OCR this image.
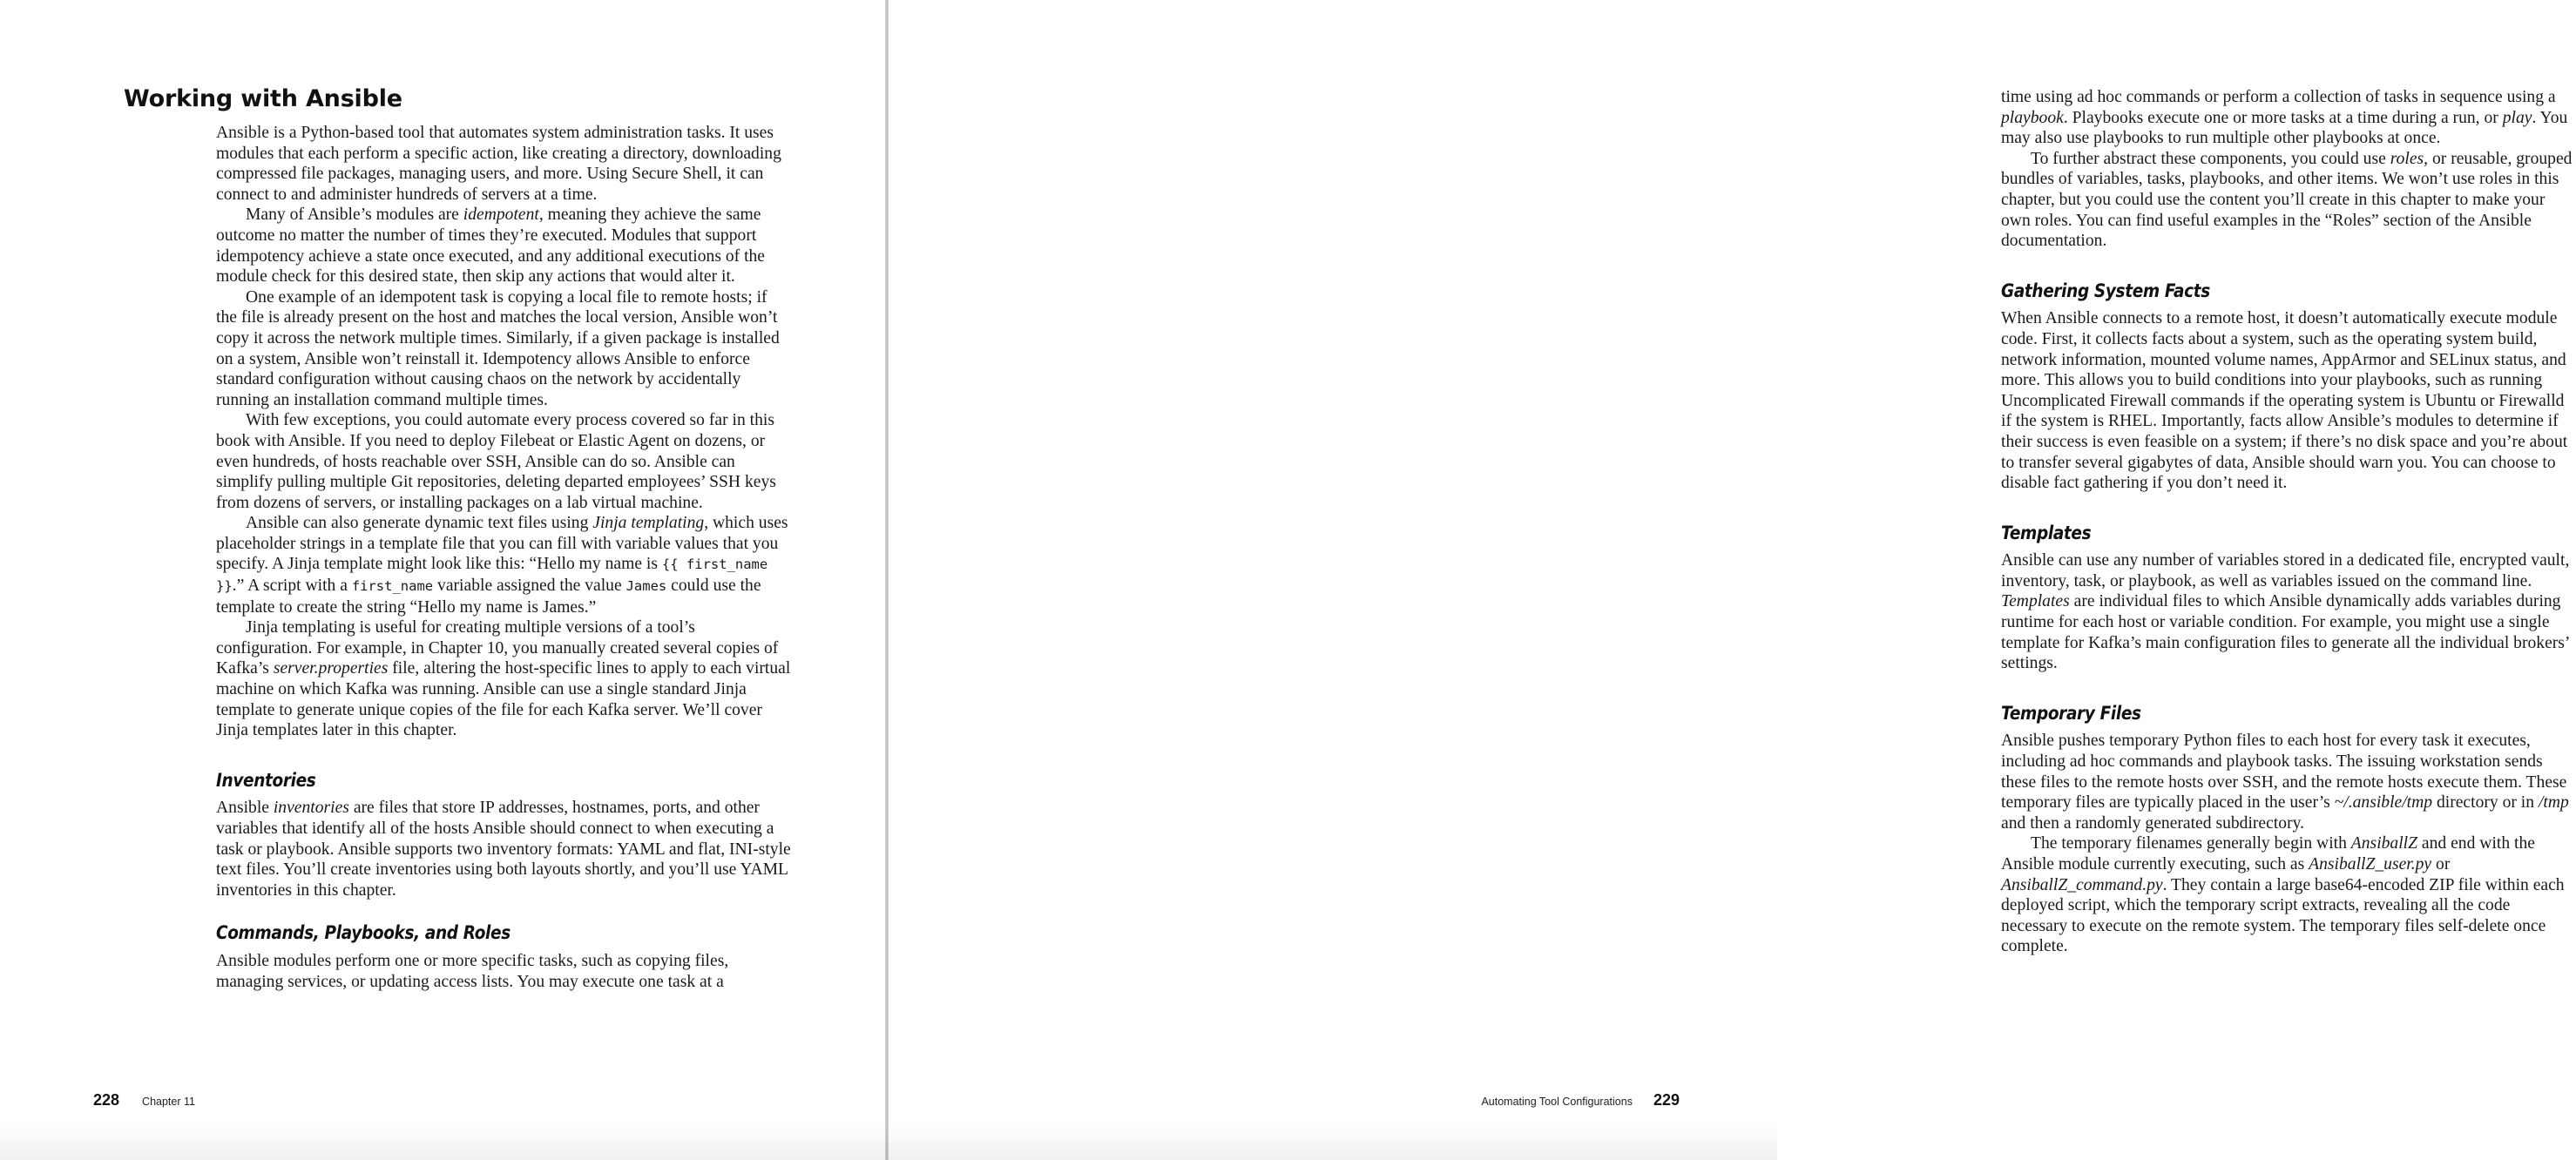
Working with Ansible

Ansible is a Python-based tool that automates system administration tasks. It uses modules that each perform a specific action, like creating a directory, downloading compressed file packages, managing users, and more. Using Secure Shell, it can connect to and administer hundreds of servers at a time.

Many of Ansible’s modules are idempotent, meaning they achieve the same outcome no matter the number of times they’re executed. Modules that support idempotency achieve a state once executed, and any additional executions of the module check for this desired state, then skip any actions that would alter it.

One example of an idempotent task is copying a local file to remote hosts; if the file is already present on the host and matches the local version, Ansible won’t copy it across the network multiple times. Similarly, if a given package is installed on a system, Ansible won’t reinstall it. Idempotency allows Ansible to enforce standard configuration without causing chaos on the network by accidentally running an installation command multiple times.

With few exceptions, you could automate every process covered so far in this book with Ansible. If you need to deploy Filebeat or Elastic Agent on dozens, or even hundreds, of hosts reachable over SSH, Ansible can do so. Ansible can simplify pulling multiple Git repositories, deleting departed employees’ SSH keys from dozens of servers, or installing packages on a lab virtual machine.

Ansible can also generate dynamic text files using Jinja templating, which uses placeholder strings in a template file that you can fill with variable values that you specify. A Jinja template might look like this: “Hello my name is {{ first_name }}.” A script with a first_name variable assigned the value James could use the template to create the string “Hello my name is James.”

Jinja templating is useful for creating multiple versions of a tool’s configuration. For example, in Chapter 10, you manually created several copies of Kafka’s server.properties file, altering the host-specific lines to apply to each virtual machine on which Kafka was running. Ansible can use a single standard Jinja template to generate unique copies of the file for each Kafka server. We’ll cover Jinja templates later in this chapter.

Inventories

Ansible inventories are files that store IP addresses, hostnames, ports, and other variables that identify all of the hosts Ansible should connect to when executing a task or playbook. Ansible supports two inventory formats: YAML and flat, INI-style text files. You’ll create inventories using both layouts shortly, and you’ll use YAML inventories in this chapter.

Commands, Playbooks, and Roles

Ansible modules perform one or more specific tasks, such as copying files, managing services, or updating access lists. You may execute one task at a

228 Chapter 11

time using ad hoc commands or perform a collection of tasks in sequence using a playbook. Playbooks execute one or more tasks at a time during a run, or play. You may also use playbooks to run multiple other playbooks at once.

To further abstract these components, you could use roles, or reusable, grouped bundles of variables, tasks, playbooks, and other items. We won’t use roles in this chapter, but you could use the content you’ll create in this chapter to make your own roles. You can find useful examples in the “Roles” section of the Ansible documentation.

Gathering System Facts

When Ansible connects to a remote host, it doesn’t automatically execute module code. First, it collects facts about a system, such as the operating system build, network information, mounted volume names, AppArmor and SELinux status, and more. This allows you to build conditions into your playbooks, such as running Uncomplicated Firewall commands if the operating system is Ubuntu or Firewalld if the system is RHEL. Importantly, facts allow Ansible’s modules to determine if their success is even feasible on a system; if there’s no disk space and you’re about to transfer several gigabytes of data, Ansible should warn you. You can choose to disable fact gathering if you don’t need it.

Templates

Ansible can use any number of variables stored in a dedicated file, encrypted vault, inventory, task, or playbook, as well as variables issued on the command line. Templates are individual files to which Ansible dynamically adds variables during runtime for each host or variable condition. For example, you might use a single template for Kafka’s main configuration files to generate all the individual brokers’ settings.

Temporary Files

Ansible pushes temporary Python files to each host for every task it executes, including ad hoc commands and playbook tasks. The issuing workstation sends these files to the remote hosts over SSH, and the remote hosts execute them. These temporary files are typically placed in the user’s ~/.ansible/tmp directory or in /tmp and then a randomly generated subdirectory.

The temporary filenames generally begin with AnsiballZ and end with the Ansible module currently executing, such as AnsiballZ_user.py or AnsiballZ_command.py. They contain a large base64-encoded ZIP file within each deployed script, which the temporary script extracts, revealing all the code necessary to execute on the remote system. The temporary files self-delete once complete.

Automating Tool Configurations 229
